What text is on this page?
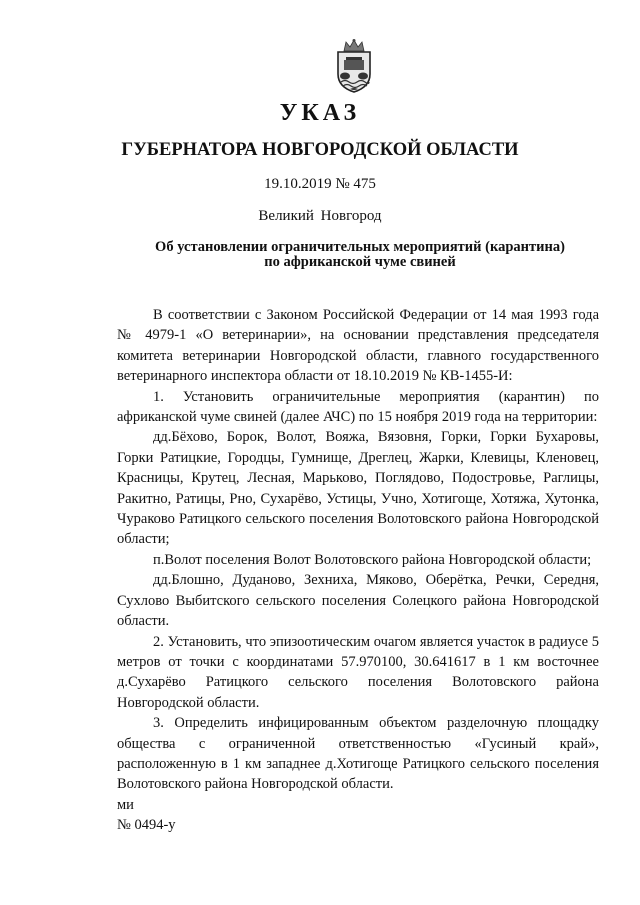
УКАЗ
ГУБЕРНАТОРА НОВГОРОДСКОЙ ОБЛАСТИ
19.10.2019 № 475
Великий Новгород
Об установлении ограничительных мероприятий (карантина)
по африканской чуме свиней

В соответствии с Законом Российской Федерации от 14 мая 1993 года № 4979-1 «О ветеринарии», на основании представления председателя комитета ветеринарии Новгородской области, главного государственного ветеринарного инспектора области от 18.10.2019 № КВ-1455-И:

1. Установить ограничительные мероприятия (карантин) по африканской чуме свиней (далее АЧС) по 15 ноября 2019 года на территории:

дд.Бёхово, Борок, Волот, Вояжа, Вязовня, Горки, Горки Бухаровы, Горки Ратицкие, Городцы, Гумнище, Дреглец, Жарки, Клевицы, Кленовец, Красницы, Крутец, Лесная, Марьково, Поглядово, Подостровье, Раглицы, Ракитно, Ратицы, Рно, Сухарёво, Устицы, Учно, Хотигоще, Хотяжа, Хутонка, Чураково Ратицкого сельского поселения Волотовского района Новгородской области;

п.Волот поселения Волот Волотовского района Новгородской области;

дд.Блошно, Дуданово, Зехниха, Мяково, Оберётка, Речки, Середня, Сухлово Выбитского сельского поселения Солецкого района Новгородской области.

2. Установить, что эпизоотическим очагом является участок в радиусе 5 метров от точки с координатами 57.970100, 30.641617 в 1 км восточнее д.Сухарёво Ратицкого сельского поселения Волотовского района Новгородской области.

3. Определить инфицированным объектом разделочную площадку общества с ограниченной ответственностью «Гусиный край», расположенную в 1 км западнее д.Хотигоще Ратицкого сельского поселения Волотовского района Новгородской области.

ми
№ 0494-у
